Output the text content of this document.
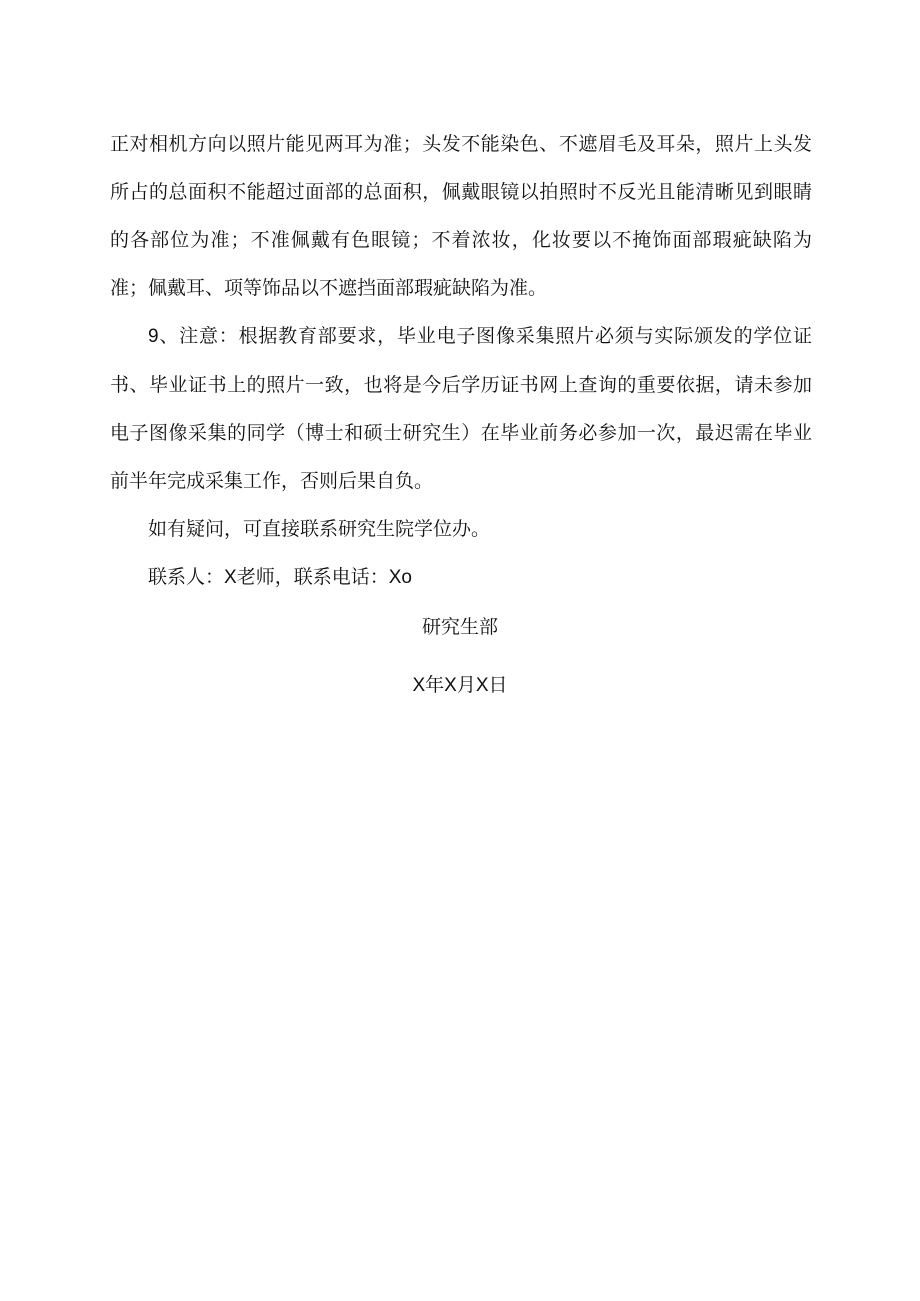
正对相机方向以照片能见两耳为准；头发不能染色、不遮眉毛及耳朵，照片上头发所占的总面积不能超过面部的总面积，佩戴眼镜以拍照时不反光且能清晰见到眼睛的各部位为准；不准佩戴有色眼镜；不着浓妆，化妆要以不掩饰面部瑕疵缺陷为准；佩戴耳、项等饰品以不遮挡面部瑕疵缺陷为准。

9、注意：根据教育部要求，毕业电子图像采集照片必须与实际颁发的学位证书、毕业证书上的照片一致，也将是今后学历证书网上查询的重要依据，请未参加电子图像采集的同学（博士和硕士研究生）在毕业前务必参加一次，最迟需在毕业前半年完成采集工作，否则后果自负。

如有疑问，可直接联系研究生院学位办。

联系人：X老师，联系电话：Xo

研究生部

X年X月X日
